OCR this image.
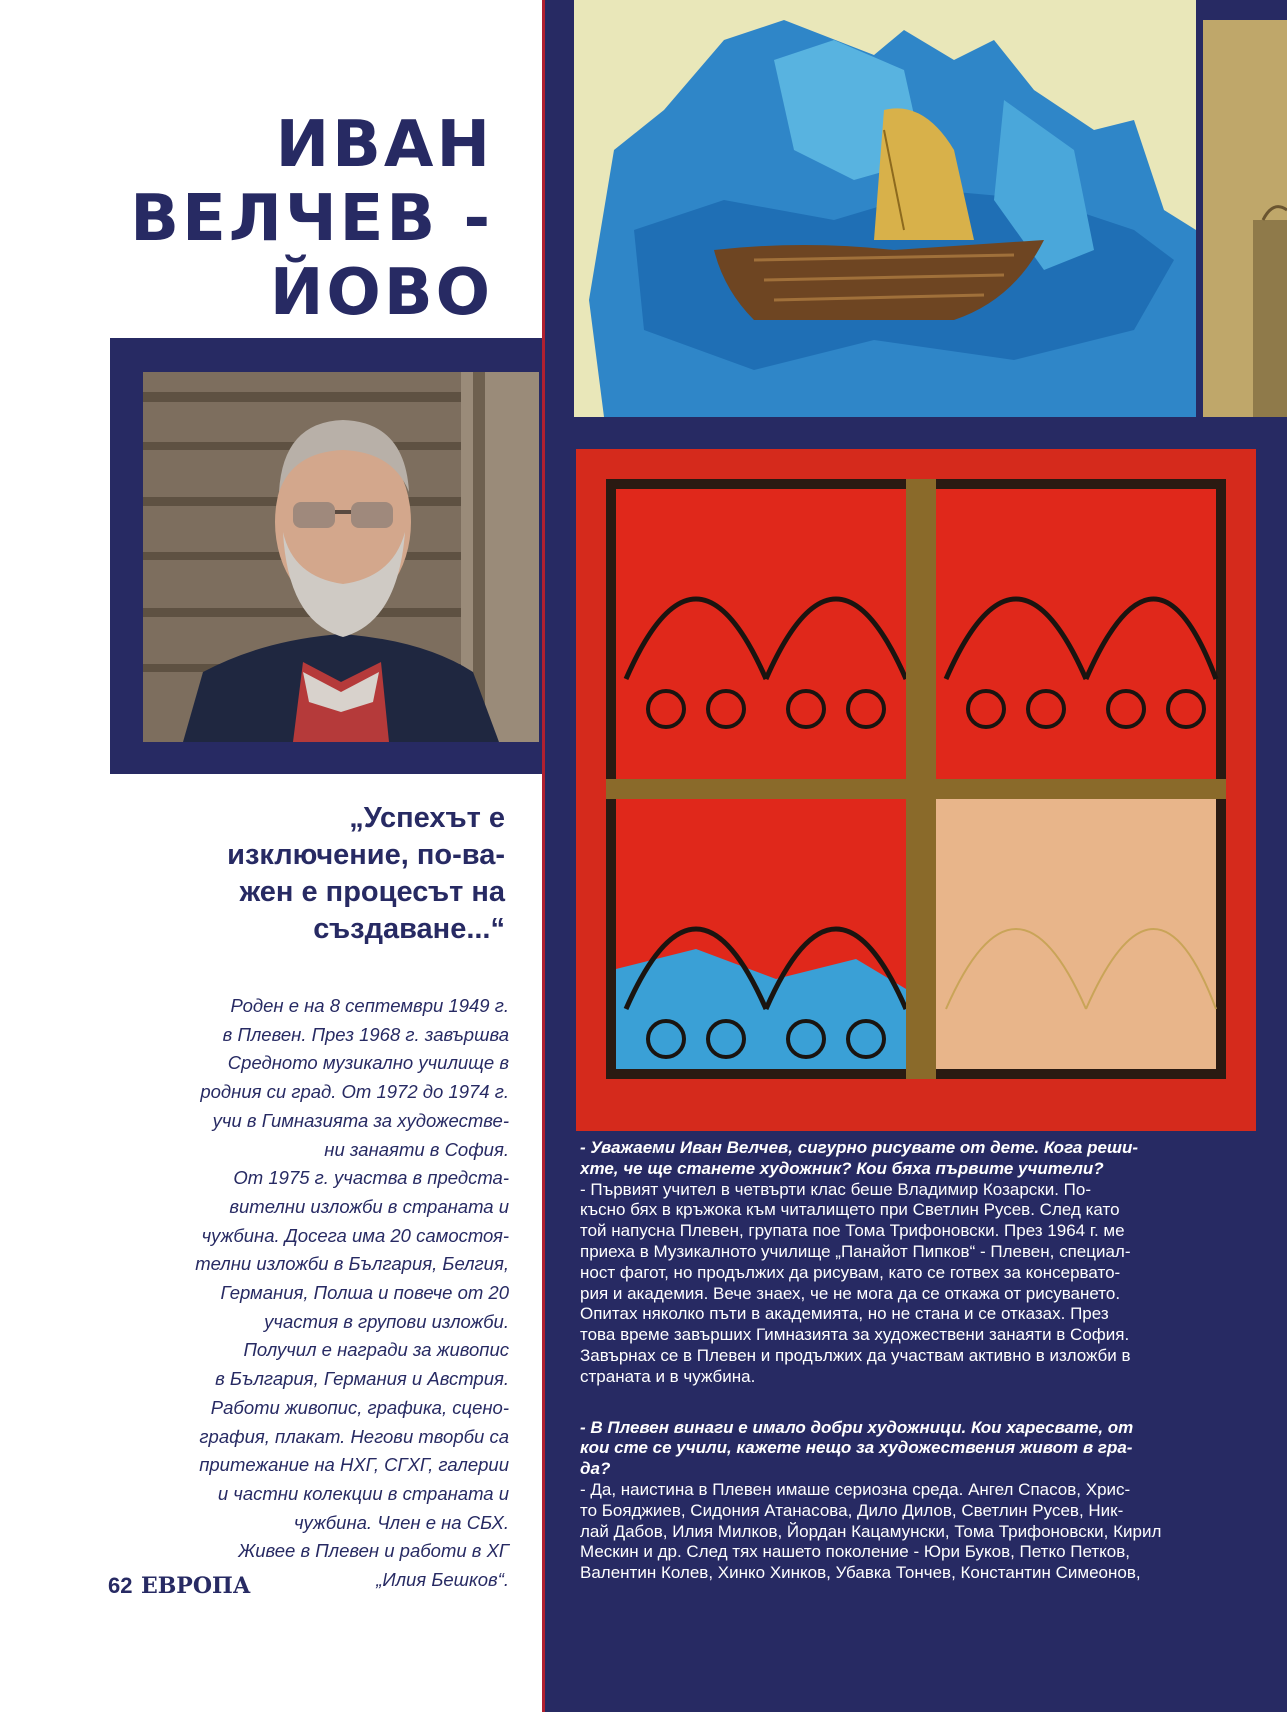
ИВАН
ВЕЛЧЕВ -
ЙОВО
„Успехът е
изключение, по-ва-
жен е процесът на
създаване...“
Роден е на 8 септември 1949 г.
в Плевен. През 1968 г. завършва
Средното музикално училище в
родния си град. От 1972 до 1974 г.
учи в Гимназията за художестве-
ни занаяти в София.
От 1975 г. участва в предста-
вителни изложби в страната и
чужбина. Досега има 20 самостоя-
телни изложби в България, Белгия,
Германия, Полша и повече от 20
участия в групови изложби.
Получил е награди за живопис
в България, Германия и Австрия.
Работи живопис, графика, сцено-
графия, плакат. Негови творби са
притежание на НХГ, СГХГ, галерии
и частни колекции в страната и
чужбина. Член е на СБХ.
Живее в Плевен и работи в ХГ
„Илия Бешков“.
- Уважаеми Иван Велчев, сигурно рисувате от дете. Кога реши-
хте, че ще станете художник? Кои бяха първите учители?
- Първият учител в четвърти клас беше Владимир Козарски. По-
късно бях в кръжока към читалището при Светлин Русев. След като
той напусна Плевен, групата пое Тома Трифоновски. През 1964 г. ме
приеха в Музикалното училище „Панайот Пипков“ - Плевен, специал-
ност фагот, но продължих да рисувам, като се готвех за консервато-
рия и академия. Вече знаех, че не мога да се откажа от рисуването.
Опитах няколко пъти в академията, но не стана и се отказах. През
това време завърших Гимназията за художествени занаяти в София.
Завърнах се в Плевен и продължих да участвам активно в изложби в
страната и в чужбина.
- В Плевен винаги е имало добри художници. Кои харесвате, от
кои сте се учили, кажете нещо за художествения живот в гра-
да?
- Да, наистина в Плевен имаше сериозна среда. Ангел Спасов, Хрис-
то Бояджиев, Сидония Атанасова, Дило Дилов, Светлин Русев, Ник-
лай Дабов, Илия Милков, Йордан Кацамунски, Тома Трифоновски, Кирил
Мескин и др. След тях нашето поколение - Юри Буков, Петко Петков,
Валентин Колев, Хинко Хинков, Убавка Тончев, Константин Симеонов,
62 ЕВРОПА
